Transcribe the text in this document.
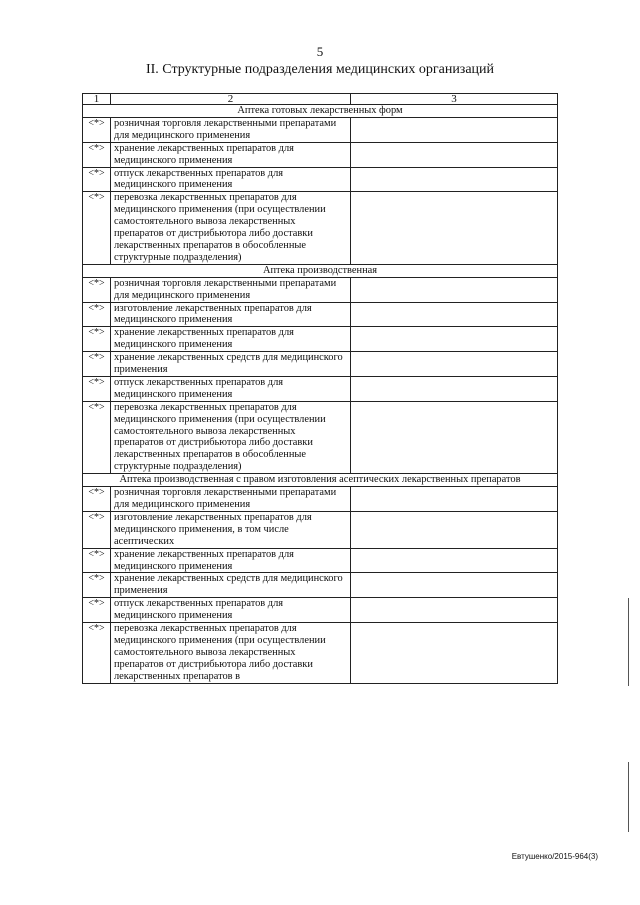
5
II. Структурные подразделения медицинских организаций
1	2	3
Аптека готовых лекарственных форм		
<*>	розничная торговля лекарственными препаратами для медицинского применения	
<*>	хранение лекарственных препаратов для медицинского применения	
<*>	отпуск лекарственных препаратов для медицинского применения	
<*>	перевозка лекарственных препаратов для медицинского применения (при осуществлении самостоятельного вывоза лекарственных препаратов от дистрибьютора либо доставки лекарственных препаратов в обособленные структурные подразделения)	
Аптека производственная		
<*>	розничная торговля лекарственными препаратами для медицинского применения	
<*>	изготовление лекарственных препаратов для медицинского применения	
<*>	хранение лекарственных препаратов для медицинского применения	
<*>	хранение лекарственных средств для медицинского применения	
<*>	отпуск лекарственных препаратов для медицинского применения	
<*>	перевозка лекарственных препаратов для медицинского применения (при осуществлении самостоятельного вывоза лекарственных препаратов от дистрибьютора либо доставки лекарственных препаратов в обособленные структурные подразделения)	
Аптека производственная с правом изготовления асептических лекарственных препаратов		
<*>	розничная торговля лекарственными препаратами для медицинского применения	
<*>	изготовление лекарственных препаратов для медицинского применения, в том числе асептических	
<*>	хранение лекарственных препаратов для медицинского применения	
<*>	хранение лекарственных средств для медицинского применения	
<*>	отпуск лекарственных препаратов для медицинского применения	
<*>	перевозка лекарственных препаратов для медицинского применения (при осуществлении самостоятельного вывоза лекарственных препаратов от дистрибьютора либо доставки лекарственных препаратов в	
Евтушенко/2015-964(3)
